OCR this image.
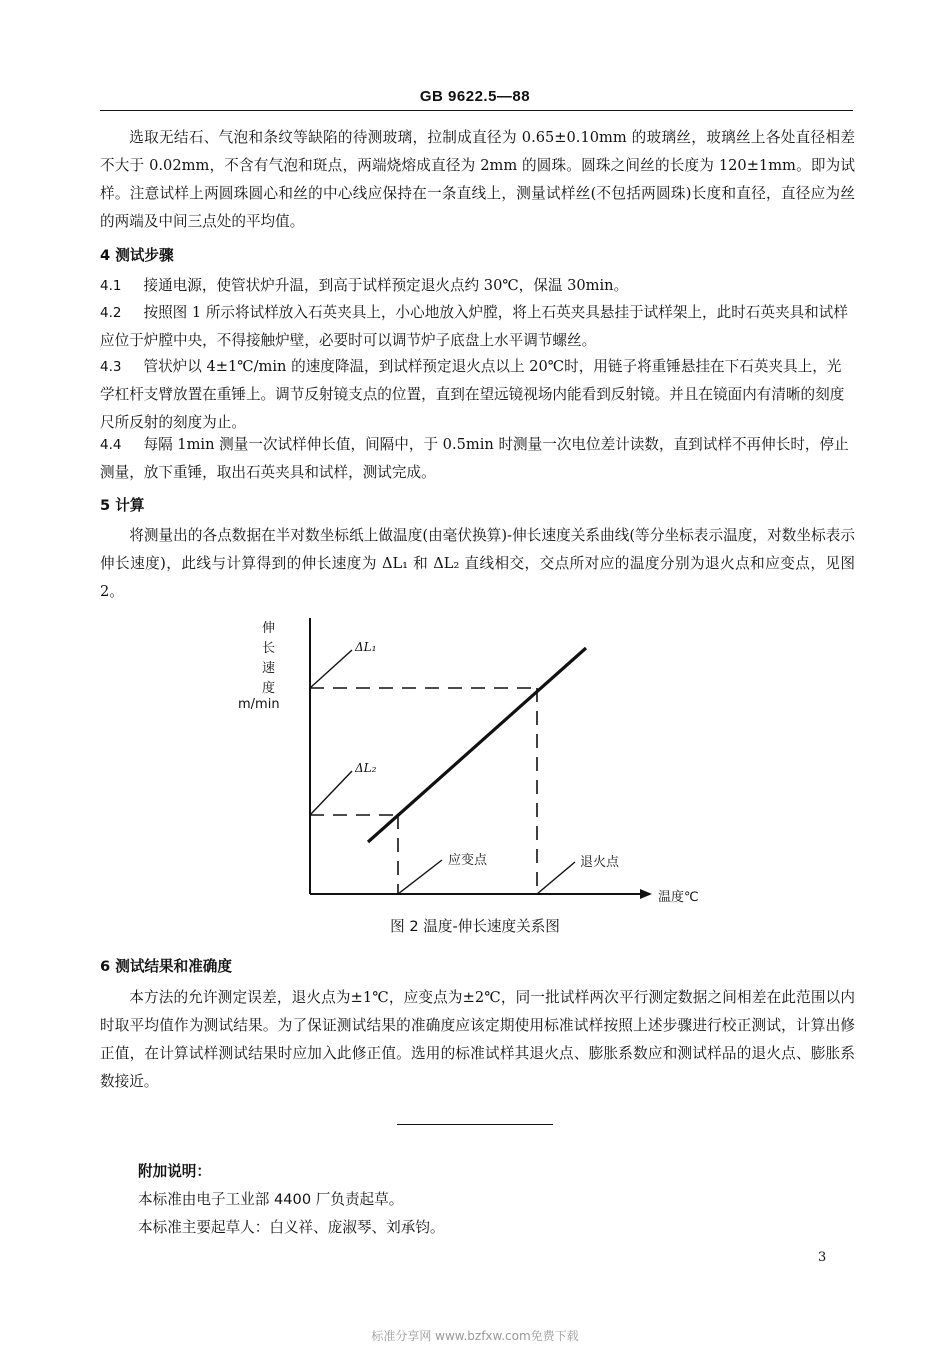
GB 9622.5—88

选取无结石、气泡和条纹等缺陷的待测玻璃，拉制成直径为 0.65±0.10mm 的玻璃丝，玻璃丝上各处直径相差不大于 0.02mm，不含有气泡和斑点，两端烧熔成直径为 2mm 的圆珠。圆珠之间丝的长度为 120±1mm。即为试样。注意试样上两圆珠圆心和丝的中心线应保持在一条直线上，测量试样丝(不包括两圆珠)长度和直径，直径应为丝的两端及中间三点处的平均值。

4 测试步骤

4.1 接通电源，使管状炉升温，到高于试样预定退火点约 30℃，保温 30min。

4.2 按照图 1 所示将试样放入石英夹具上，小心地放入炉膛，将上石英夹具悬挂于试样架上，此时石英夹具和试样应位于炉膛中央，不得接触炉壁，必要时可以调节炉子底盘上水平调节螺丝。

4.3 管状炉以 4±1℃/min 的速度降温，到试样预定退火点以上 20℃时，用链子将重锤悬挂在下石英夹具上，光学杠杆支臂放置在重锤上。调节反射镜支点的位置，直到在望远镜视场内能看到反射镜。并且在镜面内有清晰的刻度尺所反射的刻度为止。

4.4 每隔 1min 测量一次试样伸长值，间隔中，于 0.5min 时测量一次电位差计读数，直到试样不再伸长时，停止测量，放下重锤，取出石英夹具和试样，测试完成。

5 计算

将测量出的各点数据在半对数坐标纸上做温度(由毫伏换算)-伸长速度关系曲线(等分坐标表示温度，对数坐标表示伸长速度)，此线与计算得到的伸长速度为 ΔL₁ 和 ΔL₂ 直线相交，交点所对应的温度分别为退火点和应变点，见图 2。

伸
长
速
度
m/min
ΔL₁
ΔL₂
应变点	退火点
温度℃
图 2 温度-伸长速度关系图
6 测试结果和准确度

本方法的允许测定误差，退火点为±1℃，应变点为±2℃，同一批试样两次平行测定数据之间相差在此范围以内时取平均值作为测试结果。为了保证测试结果的准确度应该定期使用标准试样按照上述步骤进行校正测试，计算出修正值，在计算试样测试结果时应加入此修正值。选用的标准试样其退火点、膨胀系数应和测试样品的退火点、膨胀系数接近。

附加说明：
本标准由电子工业部 4400 厂负责起草。
本标准主要起草人：白义祥、庞淑琴、刘承钧。
3
标准分享网 www.bzfxw.com免费下载
